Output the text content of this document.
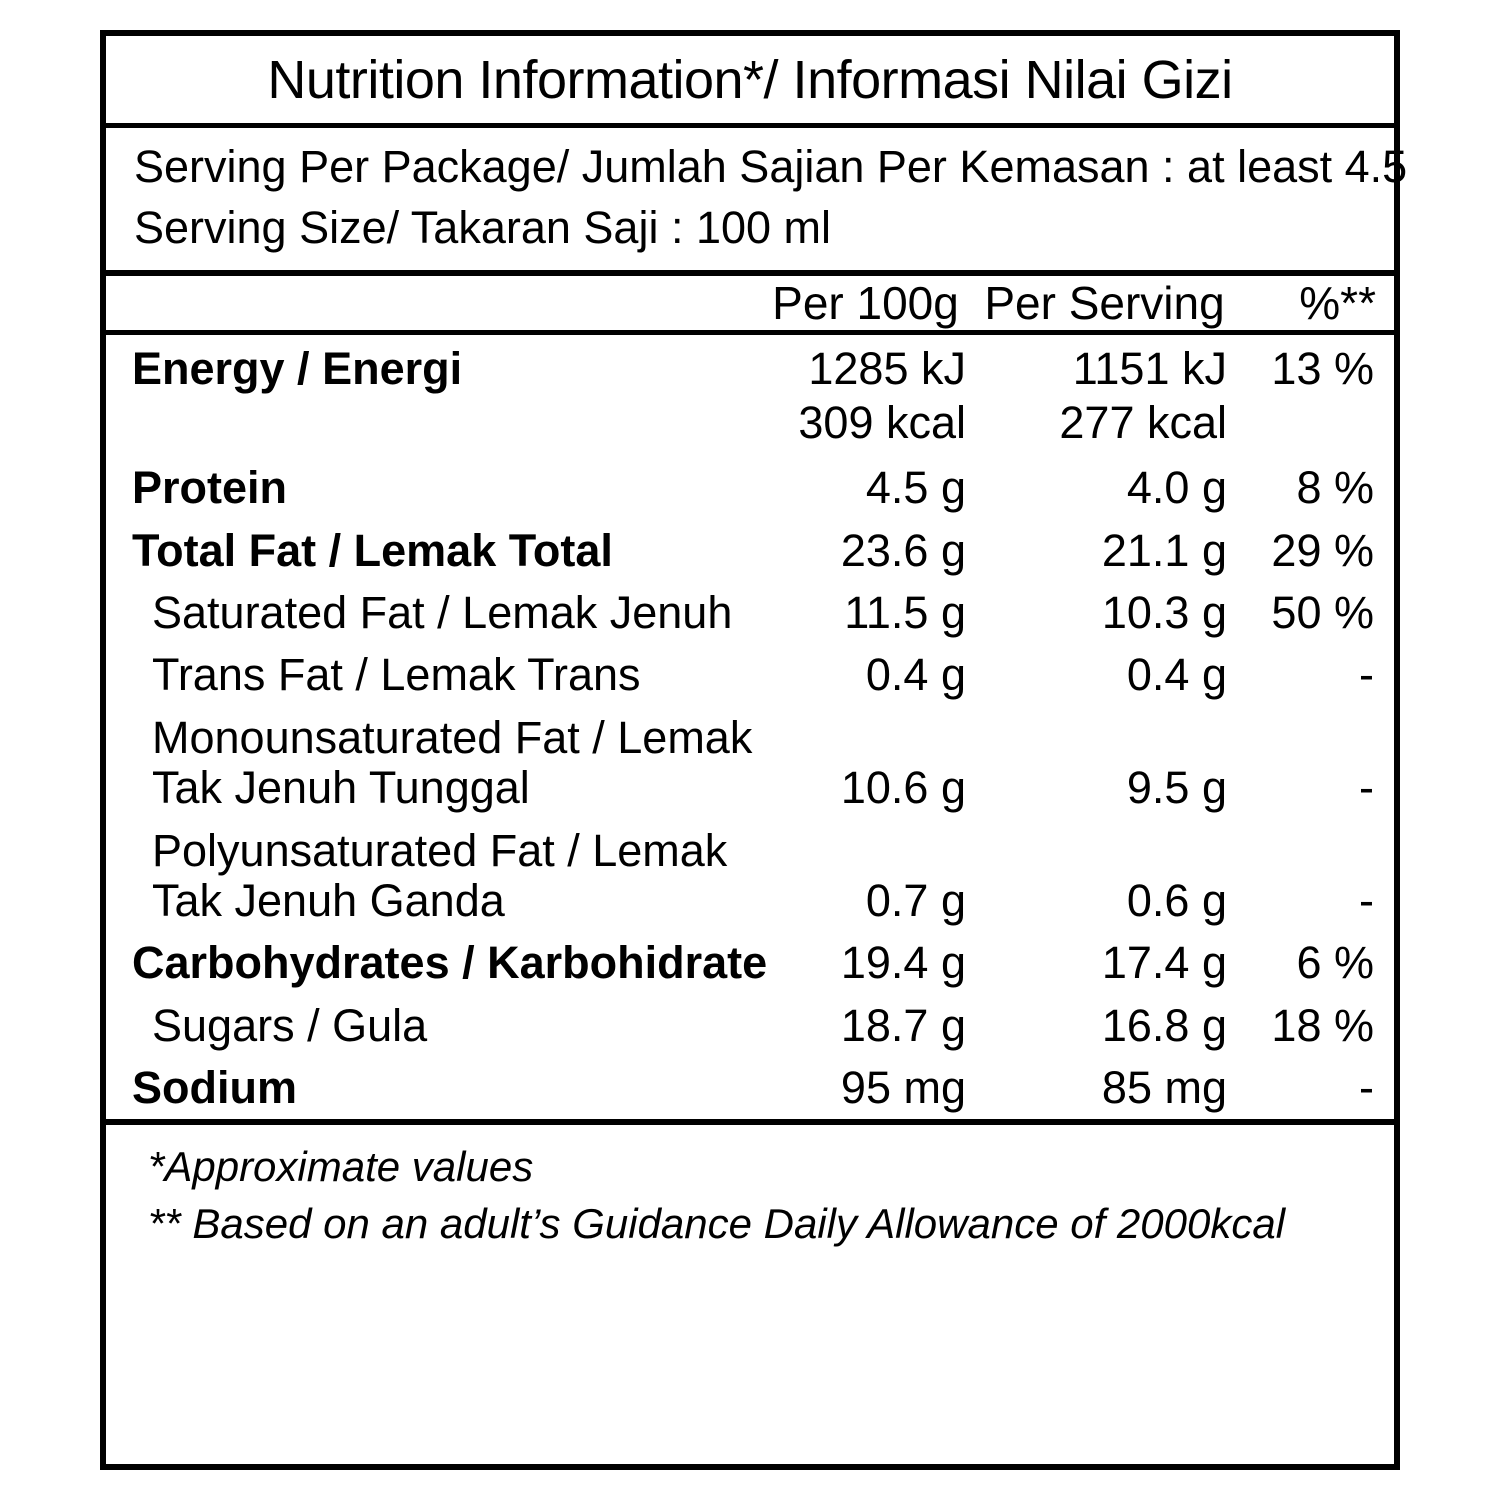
Nutrition Information*/ Informasi Nilai Gizi
Serving Per Package/ Jumlah Sajian Per Kemasan : at least 4.5
Serving Size/ Takaran Saji : 100 ml
	Per 100g	Per Serving	%**
Energy / Energi	1285 kJ	1151 kJ	13 %
	309 kcal	277 kcal	
Protein	4.5 g	4.0 g	8 %
Total Fat / Lemak Total	23.6 g	21.1 g	29 %
Saturated Fat / Lemak Jenuh	11.5 g	10.3 g	50 %
Trans Fat / Lemak Trans	0.4 g	0.4 g	-
Monounsaturated Fat / Lemak Tak Jenuh Tunggal	10.6 g	9.5 g	-
Polyunsaturated Fat / Lemak Tak Jenuh Ganda	0.7 g	0.6 g	-
Carbohydrates / Karbohidrate	19.4 g	17.4 g	6 %
Sugars / Gula	18.7 g	16.8 g	18 %
Sodium	95 mg	85 mg	-
*Approximate values
** Based on an adult’s Guidance Daily Allowance of 2000kcal
